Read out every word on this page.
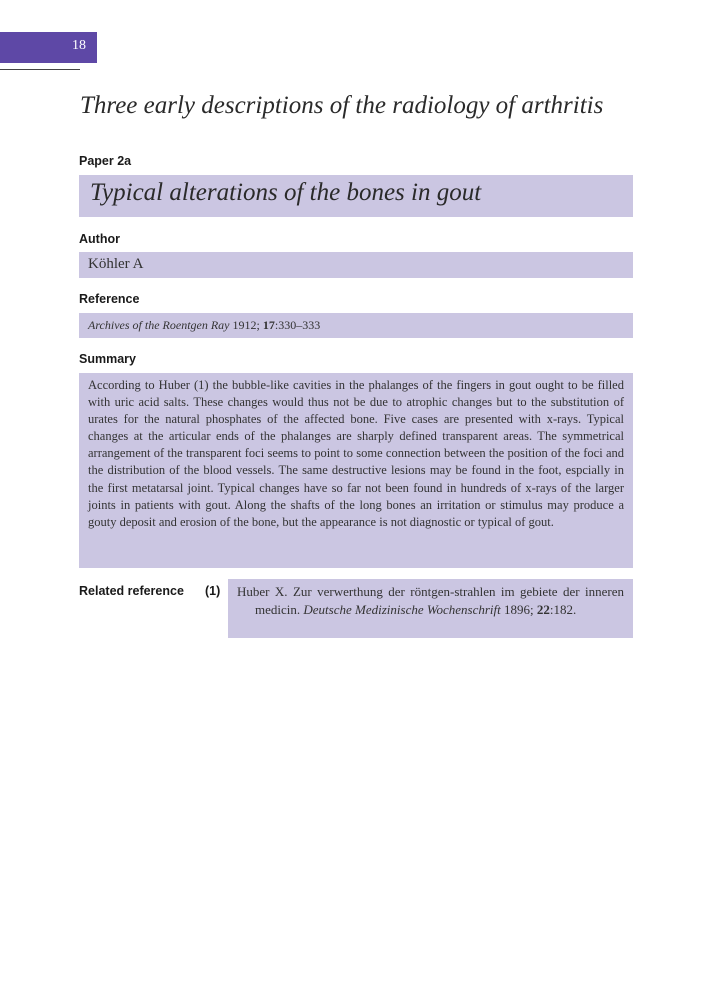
18
Three early descriptions of the radiology of arthritis
Paper 2a
Typical alterations of the bones in gout
Author
Köhler A
Reference
Archives of the Roentgen Ray 1912; 17:330–333
Summary

According to Huber (1) the bubble-like cavities in the phalanges of the fingers in gout ought to be filled with uric acid salts. These changes would thus not be due to atrophic changes but to the substitution of urates for the natural phosphates of the affected bone. Five cases are presented with x-rays. Typical changes at the articular ends of the phalanges are sharply defined transparent areas. The symmetrical arrangement of the transparent foci seems to point to some connection between the position of the foci and the distribution of the blood vessels. The same destructive lesions may be found in the foot, espcially in the first metatarsal joint. Typical changes have so far not been found in hundreds of x-rays of the larger joints in patients with gout. Along the shafts of the long bones an irritation or stimulus may produce a gouty deposit and erosion of the bone, but the appearance is not diagnostic or typical of gout.

Related reference (1) Huber X. Zur verwerthung der röntgen-strahlen im gebiete der inneren medicin. Deutsche Medizinische Wochenschrift 1896; 22:182.
